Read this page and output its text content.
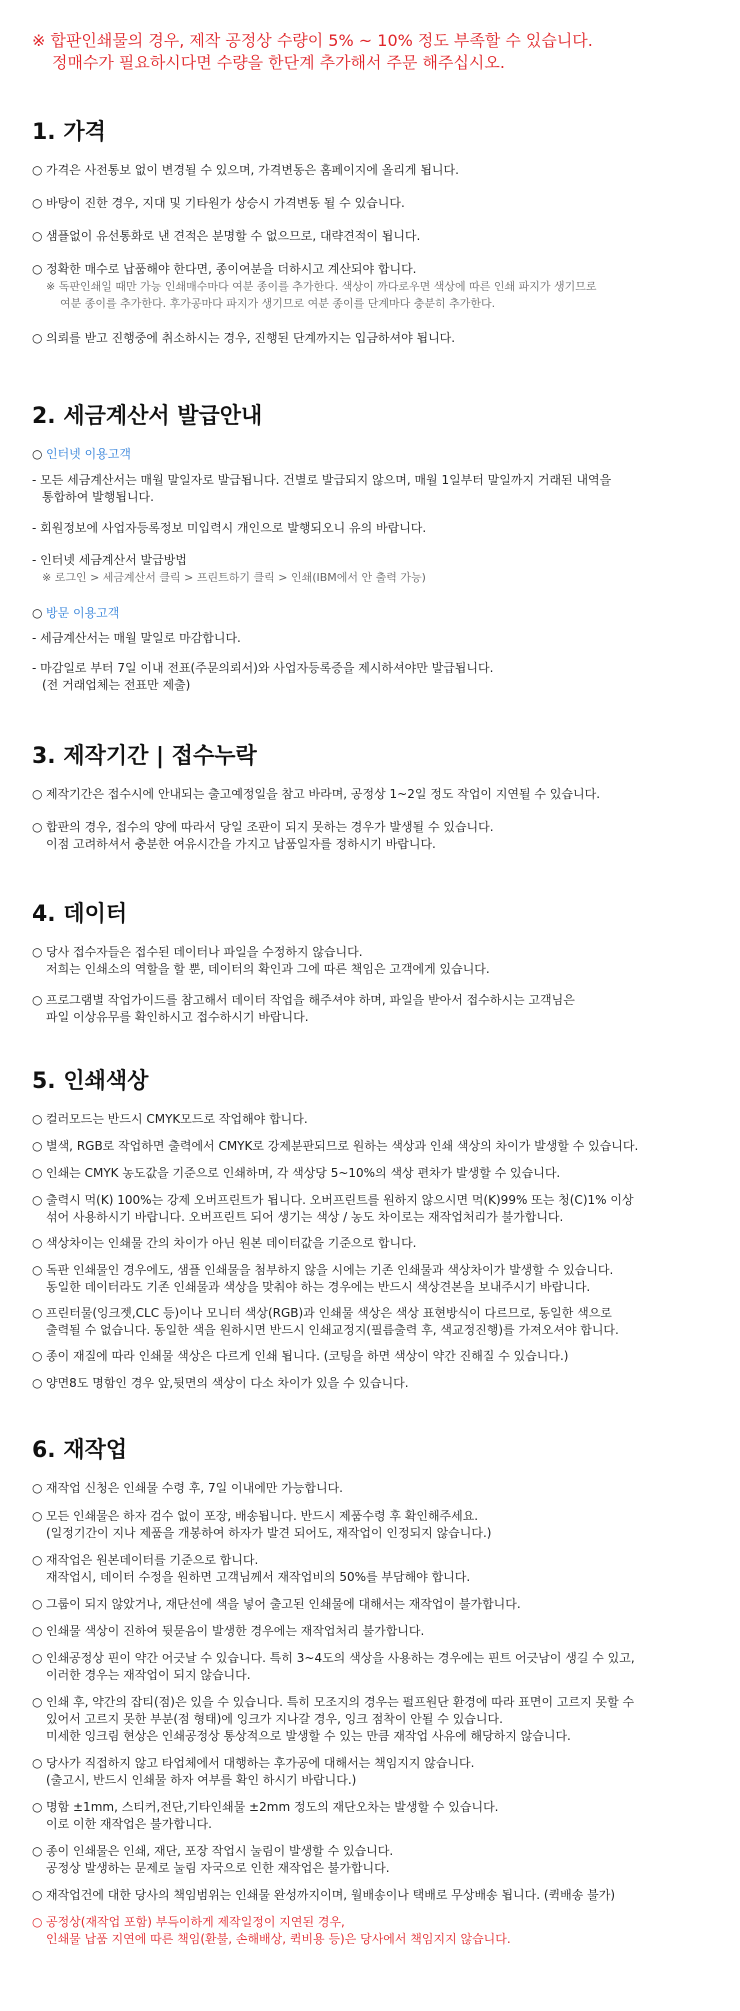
※ 합판인쇄물의 경우, 제작 공정상 수량이 5% ~ 10% 정도 부족할 수 있습니다.
정매수가 필요하시다면 수량을 한단계 추가해서 주문 해주십시오.
1. 가격
○ 가격은 사전통보 없이 변경될 수 있으며, 가격변동은 홈페이지에 올리게 됩니다.
○ 바탕이 진한 경우, 지대 및 기타원가 상승시 가격변동 될 수 있습니다.
○ 샘플없이 유선통화로 낸 견적은 분명할 수 없으므로, 대략견적이 됩니다.
○ 정확한 매수로 납품해야 한다면, 종이여분을 더하시고 계산되야 합니다.
※ 독판인쇄일 때만 가능 인쇄매수마다 여분 종이를 추가한다. 색상이 까다로우면 색상에 따른 인쇄 파지가 생기므로
여분 종이를 추가한다. 후가공마다 파지가 생기므로 여분 종이를 단계마다 충분히 추가한다.
○ 의뢰를 받고 진행중에 취소하시는 경우, 진행된 단계까지는 입금하셔야 됩니다.
2. 세금계산서 발급안내
○ 인터넷 이용고객
- 모든 세금계산서는 매월 말일자로 발급됩니다. 건별로 발급되지 않으며, 매월 1일부터 말일까지 거래된 내역을
통합하여 발행됩니다.
- 회원정보에 사업자등록정보 미입력시 개인으로 발행되오니 유의 바랍니다.
- 인터넷 세금계산서 발급방법
※ 로그인 > 세금계산서 클릭 > 프린트하기 클릭 > 인쇄(IBM에서 안 출력 가능)
○ 방문 이용고객
- 세금계산서는 매월 말일로 마감합니다.
- 마감일로 부터 7일 이내 전표(주문의뢰서)와 사업자등록증을 제시하셔야만 발급됩니다.
(전 거래업체는 전표만 제출)
3. 제작기간 | 접수누락
○ 제작기간은 접수시에 안내되는 출고예정일을 참고 바라며, 공정상 1~2일 정도 작업이 지연될 수 있습니다.
○ 합판의 경우, 접수의 양에 따라서 당일 조판이 되지 못하는 경우가 발생될 수 있습니다.
이점 고려하셔서 충분한 여유시간을 가지고 납품일자를 정하시기 바랍니다.
4. 데이터
○ 당사 접수자들은 접수된 데이터나 파일을 수정하지 않습니다.
저희는 인쇄소의 역할을 할 뿐, 데이터의 확인과 그에 따른 책임은 고객에게 있습니다.
○ 프로그램별 작업가이드를 참고해서 데이터 작업을 해주셔야 하며, 파일을 받아서 접수하시는 고객님은
파일 이상유무를 확인하시고 접수하시기 바랍니다.
5. 인쇄색상
○ 컬러모드는 반드시 CMYK모드로 작업해야 합니다.
○ 별색, RGB로 작업하면 출력에서 CMYK로 강제분판되므로 원하는 색상과 인쇄 색상의 차이가 발생할 수 있습니다.
○ 인쇄는 CMYK 농도값을 기준으로 인쇄하며, 각 색상당 5~10%의 색상 편차가 발생할 수 있습니다.
○ 출력시 먹(K) 100%는 강제 오버프린트가 됩니다. 오버프린트를 원하지 않으시면 먹(K)99% 또는 청(C)1% 이상
섞어 사용하시기 바랍니다. 오버프린트 되어 생기는 색상 / 농도 차이로는 재작업처리가 불가합니다.
○ 색상차이는 인쇄물 간의 차이가 아닌 원본 데이터값을 기준으로 합니다.
○ 독판 인쇄물인 경우에도, 샘플 인쇄물을 첨부하지 않을 시에는 기존 인쇄물과 색상차이가 발생할 수 있습니다.
동일한 데이터라도 기존 인쇄물과 색상을 맞춰야 하는 경우에는 반드시 색상견본을 보내주시기 바랍니다.
○ 프린터물(잉크젯,CLC 등)이나 모니터 색상(RGB)과 인쇄물 색상은 색상 표현방식이 다르므로, 동일한 색으로
출력될 수 없습니다. 동일한 색을 원하시면 반드시 인쇄교정지(필름출력 후, 색교정진행)를 가져오셔야 합니다.
○ 종이 재질에 따라 인쇄물 색상은 다르게 인쇄 됩니다. (코팅을 하면 색상이 약간 진해질 수 있습니다.)
○ 양면8도 명함인 경우 앞,뒷면의 색상이 다소 차이가 있을 수 있습니다.
6. 재작업
○ 재작업 신청은 인쇄물 수령 후, 7일 이내에만 가능합니다.
○ 모든 인쇄물은 하자 검수 없이 포장, 배송됩니다. 반드시 제품수령 후 확인해주세요.
(일정기간이 지나 제품을 개봉하여 하자가 발견 되어도, 재작업이 인정되지 않습니다.)
○ 재작업은 원본데이터를 기준으로 합니다.
재작업시, 데이터 수정을 원하면 고객님께서 재작업비의 50%를 부담해야 합니다.
○ 그룹이 되지 않았거나, 재단선에 색을 넣어 출고된 인쇄물에 대해서는 재작업이 불가합니다.
○ 인쇄물 색상이 진하여 뒷묻음이 발생한 경우에는 재작업처리 불가합니다.
○ 인쇄공정상 핀이 약간 어긋날 수 있습니다. 특히 3~4도의 색상을 사용하는 경우에는 핀트 어긋남이 생길 수 있고,
이러한 경우는 재작업이 되지 않습니다.
○ 인쇄 후, 약간의 잡티(점)은 있을 수 있습니다. 특히 모조지의 경우는 펄프원단 환경에 따라 표면이 고르지 못할 수
있어서 고르지 못한 부분(점 형태)에 잉크가 지나갈 경우, 잉크 점착이 안될 수 있습니다.
미세한 잉크림 현상은 인쇄공정상 통상적으로 발생할 수 있는 만큼 재작업 사유에 해당하지 않습니다.
○ 당사가 직접하지 않고 타업체에서 대행하는 후가공에 대해서는 책임지지 않습니다.
(출고시, 반드시 인쇄물 하자 여부를 확인 하시기 바랍니다.)
○ 명함 ±1mm, 스티커,전단,기타인쇄물 ±2mm 정도의 재단오차는 발생할 수 있습니다.
이로 이한 재작업은 불가합니다.
○ 종이 인쇄물은 인쇄, 재단, 포장 작업시 눌림이 발생할 수 있습니다.
공정상 발생하는 문제로 눌림 자국으로 인한 재작업은 불가합니다.
○ 재작업건에 대한 당사의 책임범위는 인쇄물 완성까지이며, 월배송이나 택배로 무상배송 됩니다. (퀵배송 불가)
○ 공정상(재작업 포함) 부득이하게 제작일정이 지연된 경우,
인쇄물 납품 지연에 따른 책임(환불, 손해배상, 퀵비용 등)은 당사에서 책임지지 않습니다.
